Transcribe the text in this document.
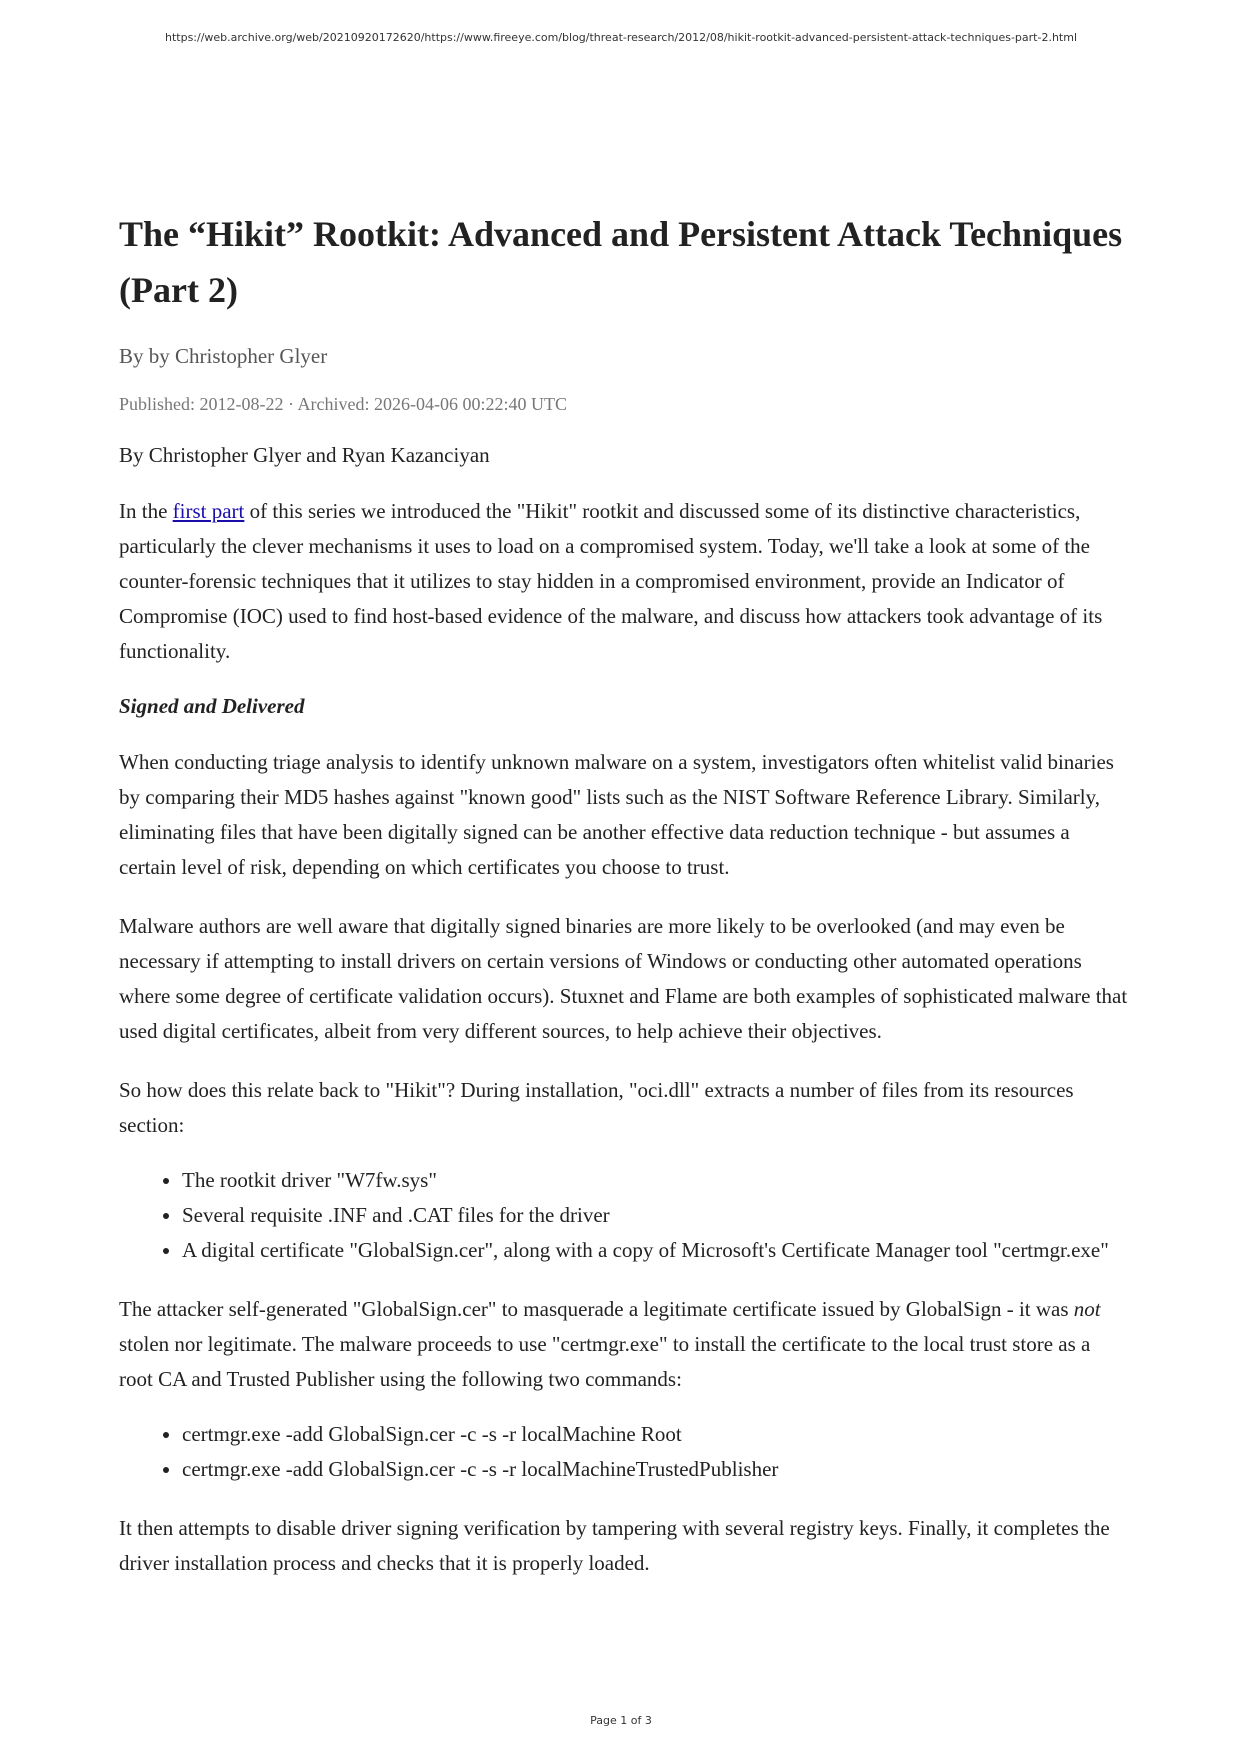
https://web.archive.org/web/20210920172620/https://www.fireeye.com/blog/threat-research/2012/08/hikit-rootkit-advanced-persistent-attack-techniques-part-2.html
The “Hikit” Rootkit: Advanced and Persistent Attack Techniques (Part 2)
By by Christopher Glyer
Published: 2012-08-22 · Archived: 2026-04-06 00:22:40 UTC
By Christopher Glyer and Ryan Kazanciyan

In the first part of this series we introduced the "Hikit" rootkit and discussed some of its distinctive characteristics, particularly the clever mechanisms it uses to load on a compromised system. Today, we'll take a look at some of the counter-forensic techniques that it utilizes to stay hidden in a compromised environment, provide an Indicator of Compromise (IOC) used to find host-based evidence of the malware, and discuss how attackers took advantage of its functionality.

Signed and Delivered

When conducting triage analysis to identify unknown malware on a system, investigators often whitelist valid binaries by comparing their MD5 hashes against "known good" lists such as the NIST Software Reference Library. Similarly, eliminating files that have been digitally signed can be another effective data reduction technique - but assumes a certain level of risk, depending on which certificates you choose to trust.

Malware authors are well aware that digitally signed binaries are more likely to be overlooked (and may even be necessary if attempting to install drivers on certain versions of Windows or conducting other automated operations where some degree of certificate validation occurs). Stuxnet and Flame are both examples of sophisticated malware that used digital certificates, albeit from very different sources, to help achieve their objectives.

So how does this relate back to "Hikit"? During installation, "oci.dll" extracts a number of files from its resources section:

• The rootkit driver "W7fw.sys"
• Several requisite .INF and .CAT files for the driver
• A digital certificate "GlobalSign.cer", along with a copy of Microsoft's Certificate Manager tool "certmgr.exe"

The attacker self-generated "GlobalSign.cer" to masquerade a legitimate certificate issued by GlobalSign - it was not stolen nor legitimate. The malware proceeds to use "certmgr.exe" to install the certificate to the local trust store as a root CA and Trusted Publisher using the following two commands:

• certmgr.exe -add GlobalSign.cer -c -s -r localMachine Root
• certmgr.exe -add GlobalSign.cer -c -s -r localMachineTrustedPublisher

It then attempts to disable driver signing verification by tampering with several registry keys. Finally, it completes the driver installation process and checks that it is properly loaded.

Page 1 of 3
